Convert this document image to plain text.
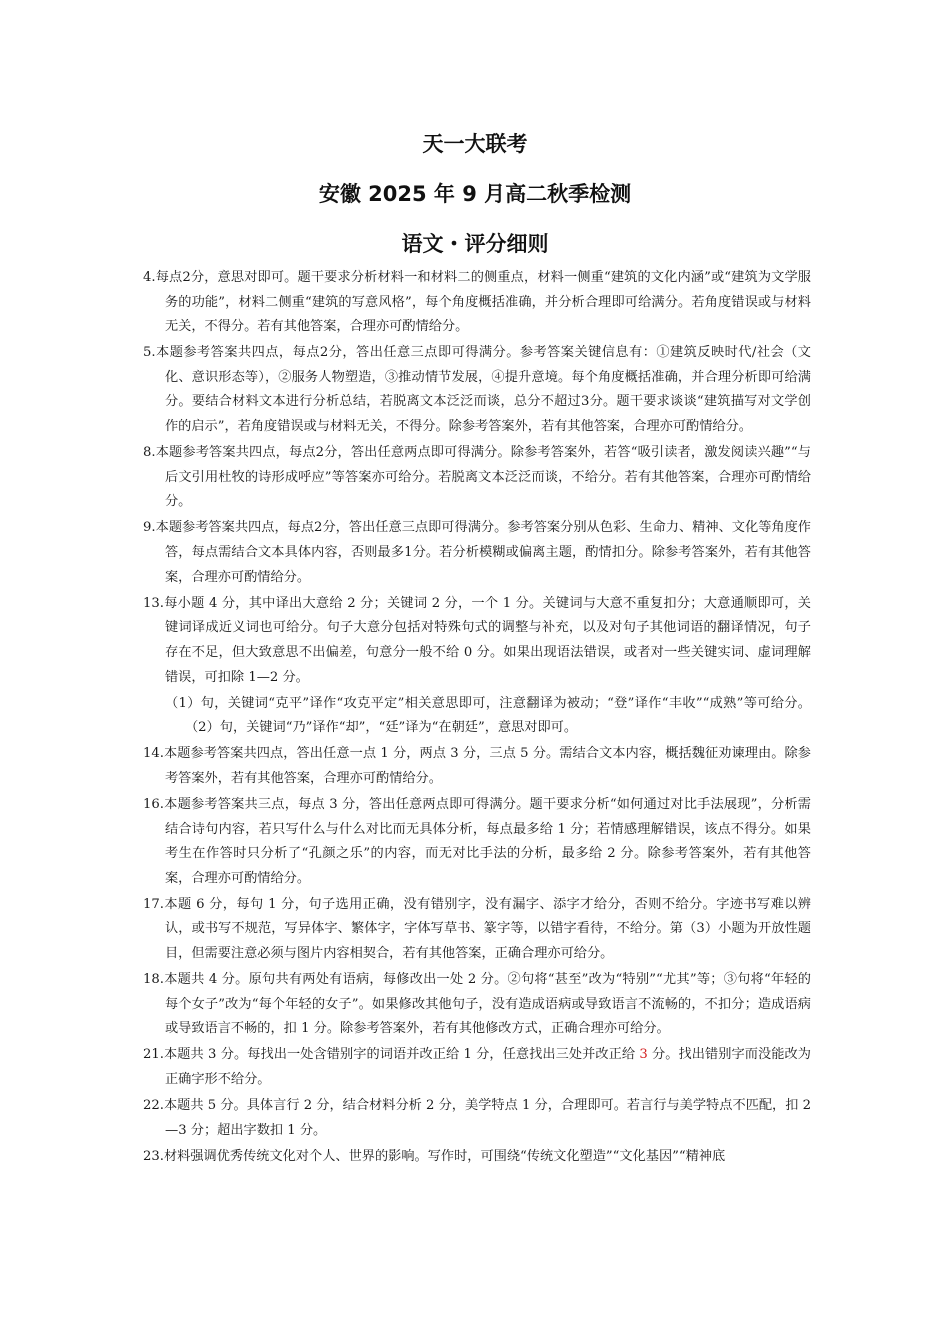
天一大联考
安徽 2025 年 9 月高二秋季检测
语文・评分细则

4.每点2分，意思对即可。题干要求分析材料一和材料二的侧重点，材料一侧重“建筑的文化内涵”或“建筑为文学服务的功能”，材料二侧重“建筑的写意风格”，每个角度概括准确，并分析合理即可给满分。若角度错误或与材料无关，不得分。若有其他答案，合理亦可酌情给分。

5.本题参考答案共四点，每点2分，答出任意三点即可得满分。参考答案关键信息有：①建筑反映时代/社会（文化、意识形态等），②服务人物塑造，③推动情节发展，④提升意境。每个角度概括准确，并合理分析即可给满分。要结合材料文本进行分析总结，若脱离文本泛泛而谈，总分不超过3分。题干要求谈谈“建筑描写对文学创作的启示”，若角度错误或与材料无关，不得分。除参考答案外，若有其他答案，合理亦可酌情给分。

8.本题参考答案共四点，每点2分，答出任意两点即可得满分。除参考答案外，若答“吸引读者，激发阅读兴趣”“与后文引用杜牧的诗形成呼应”等答案亦可给分。若脱离文本泛泛而谈，不给分。若有其他答案，合理亦可酌情给分。

9.本题参考答案共四点，每点2分，答出任意三点即可得满分。参考答案分别从色彩、生命力、精神、文化等角度作答，每点需结合文本具体内容，否则最多1分。若分析模糊或偏离主题，酌情扣分。除参考答案外，若有其他答案，合理亦可酌情给分。

13.每小题 4 分，其中译出大意给 2 分；关键词 2 分，一个 1 分。关键词与大意不重复扣分；大意通顺即可，关键词译成近义词也可给分。句子大意分包括对特殊句式的调整与补充，以及对句子其他词语的翻译情况，句子存在不足，但大致意思不出偏差，句意分一般不给 0 分。如果出现语法错误，或者对一些关键实词、虚词理解错误，可扣除 1—2 分。

（1）句，关键词“克平”译作“攻克平定”相关意思即可，注意翻译为被动；“登”译作“丰收”“成熟”等可给分。（2）句，关键词“乃”译作“却”，“廷”译为“在朝廷”，意思对即可。

14.本题参考答案共四点，答出任意一点 1 分，两点 3 分，三点 5 分。需结合文本内容，概括魏征劝谏理由。除参考答案外，若有其他答案，合理亦可酌情给分。

16.本题参考答案共三点，每点 3 分，答出任意两点即可得满分。题干要求分析“如何通过对比手法展现”，分析需结合诗句内容，若只写什么与什么对比而无具体分析，每点最多给 1 分；若情感理解错误，该点不得分。如果考生在作答时只分析了“孔颜之乐”的内容，而无对比手法的分析，最多给 2 分。除参考答案外，若有其他答案，合理亦可酌情给分。

17.本题 6 分，每句 1 分，句子选用正确，没有错别字，没有漏字、添字才给分，否则不给分。字迹书写难以辨认，或书写不规范，写异体字、繁体字，字体写草书、篆字等，以错字看待，不给分。第（3）小题为开放性题目，但需要注意必须与图片内容相契合，若有其他答案，正确合理亦可给分。

18.本题共 4 分。原句共有两处有语病，每修改出一处 2 分。②句将“甚至”改为“特别”“尤其”等；③句将“年轻的每个女子”改为“每个年轻的女子”。如果修改其他句子，没有造成语病或导致语言不流畅的，不扣分；造成语病或导致语言不畅的，扣 1 分。除参考答案外，若有其他修改方式，正确合理亦可给分。

21.本题共 3 分。每找出一处含错别字的词语并改正给 1 分，任意找出三处并改正给 3 分。找出错别字而没能改为正确字形不给分。

22.本题共 5 分。具体言行 2 分，结合材料分析 2 分，美学特点 1 分，合理即可。若言行与美学特点不匹配，扣 2—3 分；超出字数扣 1 分。

23.材料强调优秀传统文化对个人、世界的影响。写作时，可围绕“传统文化塑造”“文化基因”“精神底
